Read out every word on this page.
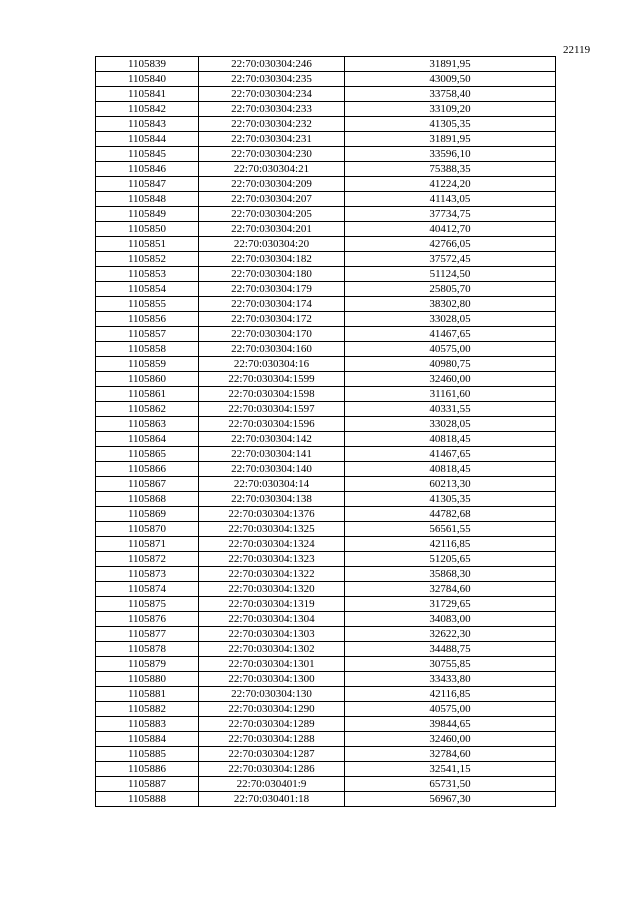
22119
1105839	22:70:030304:246	31891,95
1105840	22:70:030304:235	43009,50
1105841	22:70:030304:234	33758,40
1105842	22:70:030304:233	33109,20
1105843	22:70:030304:232	41305,35
1105844	22:70:030304:231	31891,95
1105845	22:70:030304:230	33596,10
1105846	22:70:030304:21	75388,35
1105847	22:70:030304:209	41224,20
1105848	22:70:030304:207	41143,05
1105849	22:70:030304:205	37734,75
1105850	22:70:030304:201	40412,70
1105851	22:70:030304:20	42766,05
1105852	22:70:030304:182	37572,45
1105853	22:70:030304:180	51124,50
1105854	22:70:030304:179	25805,70
1105855	22:70:030304:174	38302,80
1105856	22:70:030304:172	33028,05
1105857	22:70:030304:170	41467,65
1105858	22:70:030304:160	40575,00
1105859	22:70:030304:16	40980,75
1105860	22:70:030304:1599	32460,00
1105861	22:70:030304:1598	31161,60
1105862	22:70:030304:1597	40331,55
1105863	22:70:030304:1596	33028,05
1105864	22:70:030304:142	40818,45
1105865	22:70:030304:141	41467,65
1105866	22:70:030304:140	40818,45
1105867	22:70:030304:14	60213,30
1105868	22:70:030304:138	41305,35
1105869	22:70:030304:1376	44782,68
1105870	22:70:030304:1325	56561,55
1105871	22:70:030304:1324	42116,85
1105872	22:70:030304:1323	51205,65
1105873	22:70:030304:1322	35868,30
1105874	22:70:030304:1320	32784,60
1105875	22:70:030304:1319	31729,65
1105876	22:70:030304:1304	34083,00
1105877	22:70:030304:1303	32622,30
1105878	22:70:030304:1302	34488,75
1105879	22:70:030304:1301	30755,85
1105880	22:70:030304:1300	33433,80
1105881	22:70:030304:130	42116,85
1105882	22:70:030304:1290	40575,00
1105883	22:70:030304:1289	39844,65
1105884	22:70:030304:1288	32460,00
1105885	22:70:030304:1287	32784,60
1105886	22:70:030304:1286	32541,15
1105887	22:70:030401:9	65731,50
1105888	22:70:030401:18	56967,30
